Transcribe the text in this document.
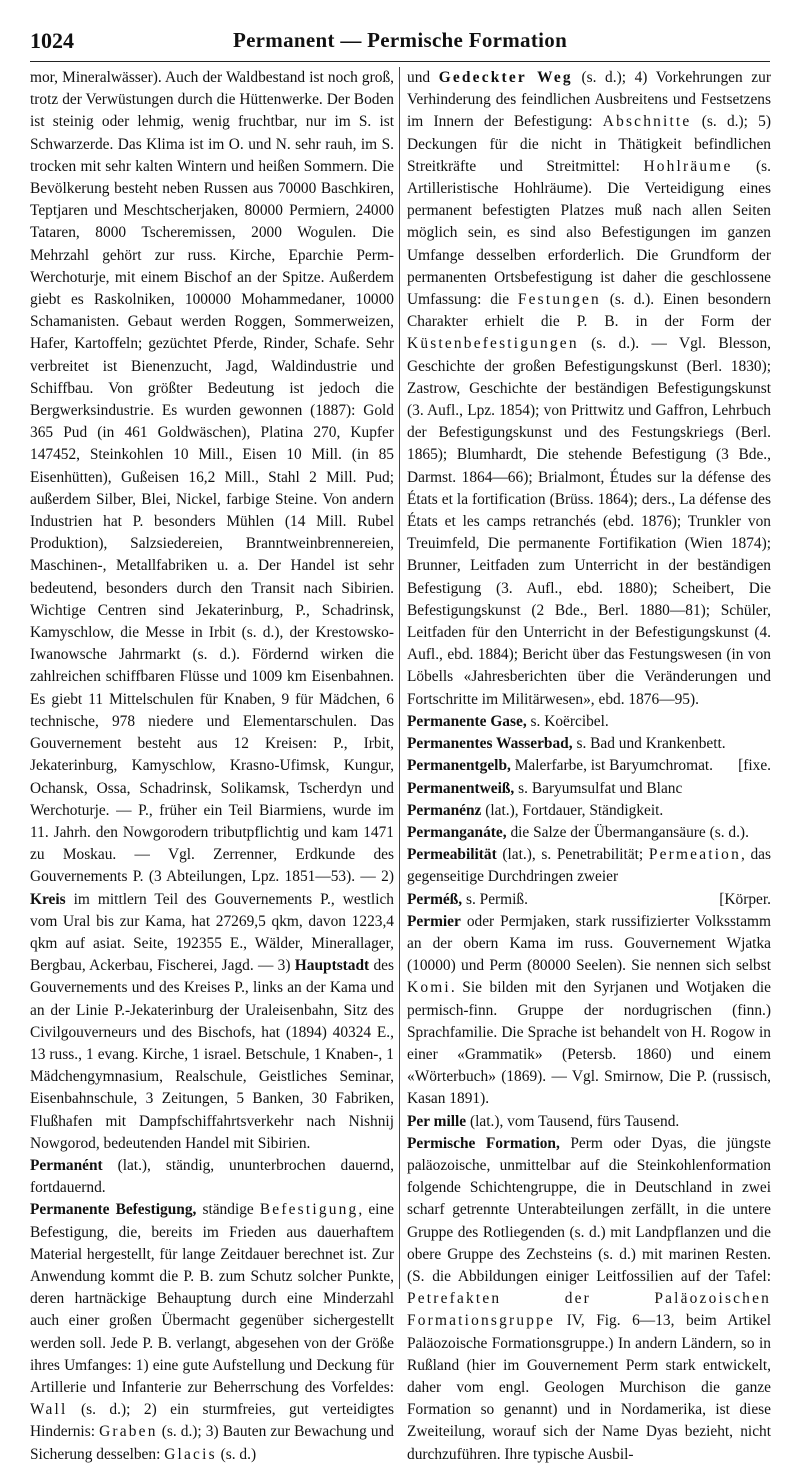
1024	Permanent — Permische Formation

mor, Mineralwässer). Auch der Waldbestand ist noch groß, trotz der Verwüstungen durch die Hüttenwerke. Der Boden ist steinig oder lehmig, wenig fruchtbar, nur im S. ist Schwarzerde. Das Klima ist im O. und N. sehr rauh, im S. trocken mit sehr kalten Wintern und heißen Sommern. Die Bevölkerung besteht neben Russen aus 70000 Baschkiren, Teptjaren und Meschtscherjaken, 80000 Permiern, 24000 Tataren, 8000 Tscheremissen, 2000 Wogulen. Die Mehrzahl gehört zur russ. Kirche, Eparchie Perm-Werchoturje, mit einem Bischof an der Spitze. Außerdem giebt es Raskolniken, 100000 Mohammedaner, 10000 Schamanisten. Gebaut werden Roggen, Sommerweizen, Hafer, Kartoffeln; gezüchtet Pferde, Rinder, Schafe. Sehr verbreitet ist Bienenzucht, Jagd, Waldindustrie und Schiffbau. Von größter Bedeutung ist jedoch die Bergwerksindustrie. Es wurden gewonnen (1887): Gold 365 Pud (in 461 Goldwäschen), Platina 270, Kupfer 147452, Steinkohlen 10 Mill., Eisen 10 Mill. (in 85 Eisenhütten), Gußeisen 16,2 Mill., Stahl 2 Mill. Pud; außerdem Silber, Blei, Nickel, farbige Steine. Von andern Industrien hat P. besonders Mühlen (14 Mill. Rubel Produktion), Salzsiedereien, Branntweinbrennereien, Maschinen-, Metallfabriken u. a. Der Handel ist sehr bedeutend, besonders durch den Transit nach Sibirien. Wichtige Centren sind Jekaterinburg, P., Schadrinsk, Kamyschlow, die Messe in Irbit (s. d.), der Krestowsko-Iwanowsche Jahrmarkt (s. d.). Fördernd wirken die zahlreichen schiffbaren Flüsse und 1009 km Eisenbahnen. Es giebt 11 Mittelschulen für Knaben, 9 für Mädchen, 6 technische, 978 niedere und Elementarschulen. Das Gouvernement besteht aus 12 Kreisen: P., Irbit, Jekaterinburg, Kamyschlow, Krasno-Ufimsk, Kungur, Ochansk, Ossa, Schadrinsk, Solikamsk, Tscherdyn und Werchoturje. — P., früher ein Teil Biarmiens, wurde im 11. Jahrh. den Nowgorodern tributpflichtig und kam 1471 zu Moskau. — Vgl. Zerrenner, Erdkunde des Gouvernements P. (3 Abteilungen, Lpz. 1851—53). — 2) Kreis im mittlern Teil des Gouvernements P., westlich vom Ural bis zur Kama, hat 27269,5 qkm, davon 1223,4 qkm auf asiat. Seite, 192355 E., Wälder, Minerallager, Bergbau, Ackerbau, Fischerei, Jagd. — 3) Hauptstadt des Gouvernements und des Kreises P., links an der Kama und an der Linie P.-Jekaterinburg der Uraleisenbahn, Sitz des Civilgouverneurs und des Bischofs, hat (1894) 40324 E., 13 russ., 1 evang. Kirche, 1 israel. Betschule, 1 Knaben-, 1 Mädchengymnasium, Realschule, Geistliches Seminar, Eisenbahnschule, 3 Zeitungen, 5 Banken, 30 Fabriken, Flußhafen mit Dampfschiffahrtsverkehr nach Nishnij Nowgorod, bedeutenden Handel mit Sibirien.

Permanént (lat.), ständig, ununterbrochen dauernd, fortdauernd.

Permanente Befestigung, ständige Befestigung, eine Befestigung, die, bereits im Frieden aus dauerhaftem Material hergestellt, für lange Zeitdauer berechnet ist. Zur Anwendung kommt die P. B. zum Schutz solcher Punkte, deren hartnäckige Behauptung durch eine Minderzahl auch einer großen Übermacht gegenüber sichergestellt werden soll. Jede P. B. verlangt, abgesehen von der Größe ihres Umfanges: 1) eine gute Aufstellung und Deckung für Artillerie und Infanterie zur Beherrschung des Vorfeldes: Wall (s. d.); 2) ein sturmfreies, gut verteidigtes Hindernis: Graben (s. d.); 3) Bauten zur Bewachung und Sicherung desselben: Glacis (s. d.)

und Gedeckter Weg (s. d.); 4) Vorkehrungen zur Verhinderung des feindlichen Ausbreitens und Festsetzens im Innern der Befestigung: Abschnitte (s. d.); 5) Deckungen für die nicht in Thätigkeit befindlichen Streitkräfte und Streitmittel: Hohlräume (s. Artilleristische Hohlräume). Die Verteidigung eines permanent befestigten Platzes muß nach allen Seiten möglich sein, es sind also Befestigungen im ganzen Umfange desselben erforderlich. Die Grundform der permanenten Ortsbefestigung ist daher die geschlossene Umfassung: die Festungen (s. d.). Einen besondern Charakter erhielt die P. B. in der Form der Küstenbefestigungen (s. d.). — Vgl. Blesson, Geschichte der großen Befestigungskunst (Berl. 1830); Zastrow, Geschichte der beständigen Befestigungskunst (3. Aufl., Lpz. 1854); von Prittwitz und Gaffron, Lehrbuch der Befestigungskunst und des Festungskriegs (Berl. 1865); Blumhardt, Die stehende Befestigung (3 Bde., Darmst. 1864—66); Brialmont, Études sur la défense des États et la fortification (Brüss. 1864); ders., La défense des États et les camps retranchés (ebd. 1876); Trunkler von Treuimfeld, Die permanente Fortifikation (Wien 1874); Brunner, Leitfaden zum Unterricht in der beständigen Befestigung (3. Aufl., ebd. 1880); Scheibert, Die Befestigungskunst (2 Bde., Berl. 1880—81); Schüler, Leitfaden für den Unterricht in der Befestigungskunst (4. Aufl., ebd. 1884); Bericht über das Festungswesen (in von Löbells «Jahresberichten über die Veränderungen und Fortschritte im Militärwesen», ebd. 1876—95).

Permanente Gase, s. Koërcibel.

Permanentes Wasserbad, s. Bad und Krankenbett.

Permanentgelb, Malerfarbe, ist Baryumchromat. [fixe.

Permanentweiß, s. Baryumsulfat und Blanc

Permanénz (lat.), Fortdauer, Ständigkeit.

Permanganáte, die Salze der Übermangansäure (s. d.).

Permeabilität (lat.), s. Penetrabilität; Permeation, das gegenseitige Durchdringen zweier

Perméß, s. Permiß.	[Körper.

Permier oder Permjaken, stark russifizierter Volksstamm an der obern Kama im russ. Gouvernement Wjatka (10000) und Perm (80000 Seelen). Sie nennen sich selbst Komi. Sie bilden mit den Syrjanen und Wotjaken die permisch-finn. Gruppe der nordugrischen (finn.) Sprachfamilie. Die Sprache ist behandelt von H. Rogow in einer «Grammatik» (Petersb. 1860) und einem «Wörterbuch» (1869). — Vgl. Smirnow, Die P. (russisch, Kasan 1891).

Per mille (lat.), vom Tausend, fürs Tausend.

Permische Formation, Perm oder Dyas, die jüngste paläozoische, unmittelbar auf die Steinkohlenformation folgende Schichtengruppe, die in Deutschland in zwei scharf getrennte Unterabteilungen zerfällt, in die untere Gruppe des Rotliegenden (s. d.) mit Landpflanzen und die obere Gruppe des Zechsteins (s. d.) mit marinen Resten. (S. die Abbildungen einiger Leitfossilien auf der Tafel: Petrefakten der Paläozoischen Formationsgruppe IV, Fig. 6—13, beim Artikel Paläozoische Formationsgruppe.) In andern Ländern, so in Rußland (hier im Gouvernement Perm stark entwickelt, daher vom engl. Geologen Murchison die ganze Formation so genannt) und in Nordamerika, ist diese Zweiteilung, worauf sich der Name Dyas bezieht, nicht durchzuführen. Ihre typische Ausbil-
